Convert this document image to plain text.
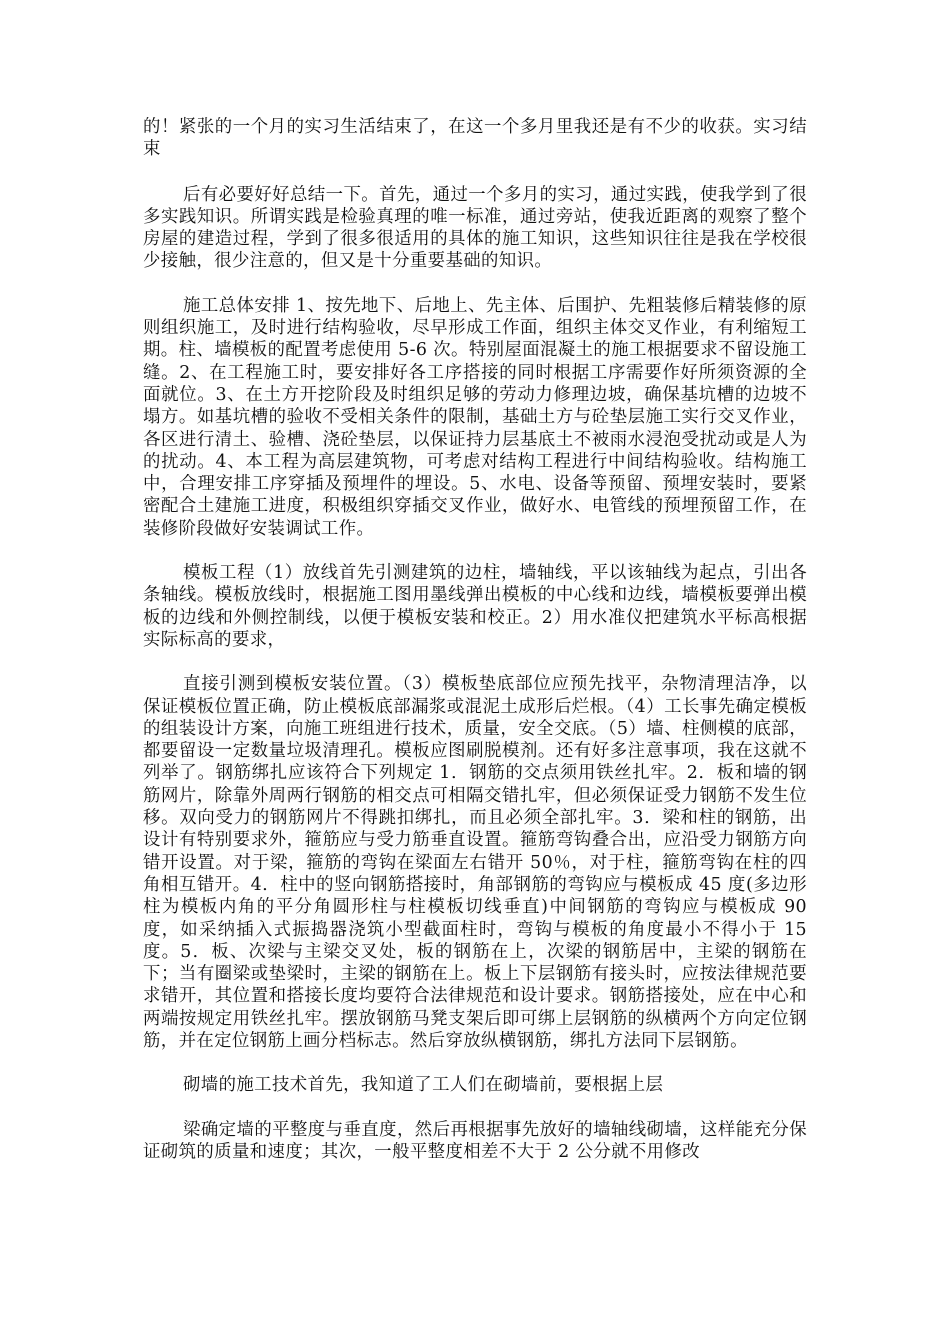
的！紧张的一个月的实习生活结束了，在这一个多月里我还是有不少的收获。实习结束

后有必要好好总结一下。首先，通过一个多月的实习，通过实践，使我学到了很多实践知识。所谓实践是检验真理的唯一标准，通过旁站，使我近距离的观察了整个房屋的建造过程，学到了很多很适用的具体的施工知识，这些知识往往是我在学校很少接触，很少注意的，但又是十分重要基础的知识。

施工总体安排 1、按先地下、后地上、先主体、后围护、先粗装修后精装修的原则组织施工，及时进行结构验收，尽早形成工作面，组织主体交叉作业，有利缩短工期。柱、墙模板的配置考虑使用 5-6 次。特别屋面混凝土的施工根据要求不留设施工缝。2、在工程施工时，要安排好各工序搭接的同时根据工序需要作好所须资源的全面就位。3、在土方开挖阶段及时组织足够的劳动力修理边坡，确保基坑槽的边坡不塌方。如基坑槽的验收不受相关条件的限制，基础土方与砼垫层施工实行交叉作业，各区进行清土、验槽、浇砼垫层，以保证持力层基底土不被雨水浸泡受扰动或是人为的扰动。4、本工程为高层建筑物，可考虑对结构工程进行中间结构验收。结构施工中，合理安排工序穿插及预埋件的埋设。5、水电、设备等预留、预埋安装时，要紧密配合土建施工进度，积极组织穿插交叉作业，做好水、电管线的预埋预留工作，在装修阶段做好安装调试工作。

模板工程（1）放线首先引测建筑的边柱，墙轴线，平以该轴线为起点，引出各条轴线。模板放线时，根据施工图用墨线弹出模板的中心线和边线，墙模板要弹出模板的边线和外侧控制线，以便于模板安装和校正。2）用水准仪把建筑水平标高根据实际标高的要求，

直接引测到模板安装位置。（3）模板垫底部位应预先找平，杂物清理洁净，以保证模板位置正确，防止模板底部漏浆或混泥土成形后烂根。（4）工长事先确定模板的组装设计方案，向施工班组进行技术，质量，安全交底。（5）墙、柱侧模的底部，都要留设一定数量垃圾清理孔。模板应图刷脱模剂。还有好多注意事项，我在这就不列举了。钢筋绑扎应该符合下列规定 1．钢筋的交点须用铁丝扎牢。2．板和墙的钢筋网片，除靠外周两行钢筋的相交点可相隔交错扎牢，但必须保证受力钢筋不发生位移。双向受力的钢筋网片不得跳扣绑扎，而且必须全部扎牢。3．梁和柱的钢筋，出设计有特别要求外，箍筋应与受力筋垂直设置。箍筋弯钩叠合出，应沿受力钢筋方向错开设置。对于梁，箍筋的弯钩在梁面左右错开 50％，对于柱，箍筋弯钩在柱的四角相互错开。4．柱中的竖向钢筋搭接时，角部钢筋的弯钩应与模板成 45 度(多边形柱为模板内角的平分角圆形柱与柱模板切线垂直)中间钢筋的弯钩应与模板成 90 度，如采纳插入式振捣器浇筑小型截面柱时，弯钩与模板的角度最小不得小于 15 度。5．板、次梁与主梁交叉处，板的钢筋在上，次梁的钢筋居中，主梁的钢筋在下；当有圈梁或垫梁时，主梁的钢筋在上。板上下层钢筋有接头时，应按法律规范要求错开，其位置和搭接长度均要符合法律规范和设计要求。钢筋搭接处，应在中心和两端按规定用铁丝扎牢。摆放钢筋马凳支架后即可绑上层钢筋的纵横两个方向定位钢筋，并在定位钢筋上画分档标志。然后穿放纵横钢筋，绑扎方法同下层钢筋。

砌墙的施工技术首先，我知道了工人们在砌墙前，要根据上层

梁确定墙的平整度与垂直度，然后再根据事先放好的墙轴线砌墙，这样能充分保证砌筑的质量和速度；其次，一般平整度相差不大于 2 公分就不用修改
